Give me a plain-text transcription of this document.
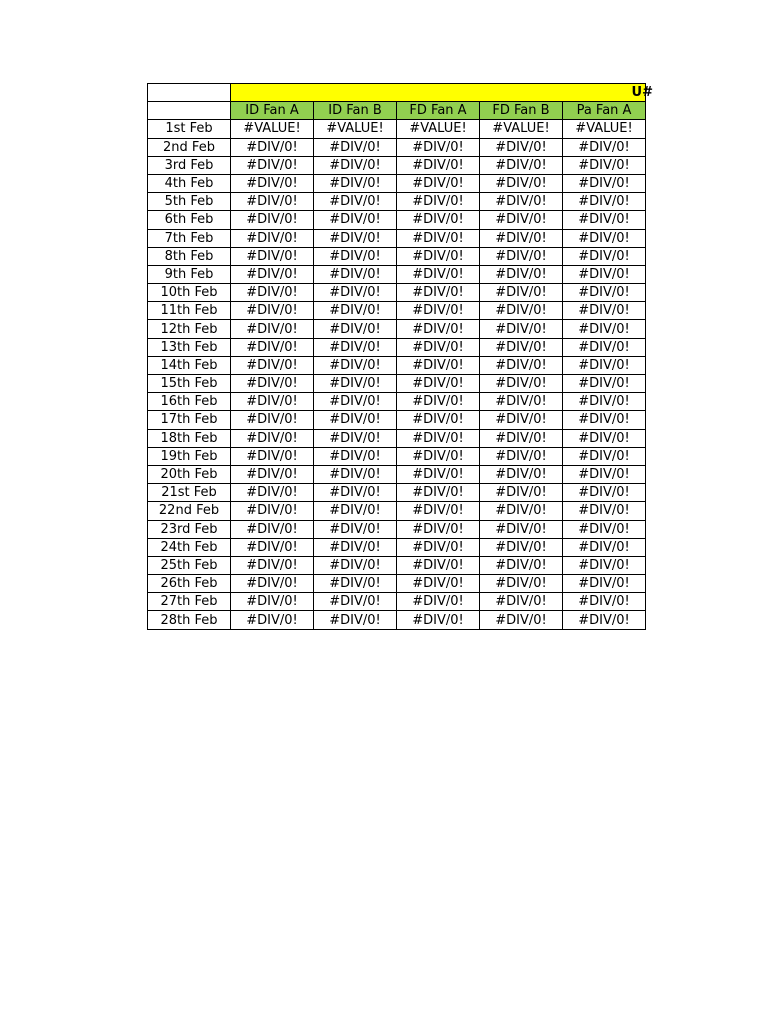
	U#				
	ID Fan A	ID Fan B	FD Fan A	FD Fan B	Pa Fan A
1st Feb	#VALUE!	#VALUE!	#VALUE!	#VALUE!	#VALUE!
2nd Feb	#DIV/0!	#DIV/0!	#DIV/0!	#DIV/0!	#DIV/0!
3rd Feb	#DIV/0!	#DIV/0!	#DIV/0!	#DIV/0!	#DIV/0!
4th Feb	#DIV/0!	#DIV/0!	#DIV/0!	#DIV/0!	#DIV/0!
5th Feb	#DIV/0!	#DIV/0!	#DIV/0!	#DIV/0!	#DIV/0!
6th Feb	#DIV/0!	#DIV/0!	#DIV/0!	#DIV/0!	#DIV/0!
7th Feb	#DIV/0!	#DIV/0!	#DIV/0!	#DIV/0!	#DIV/0!
8th Feb	#DIV/0!	#DIV/0!	#DIV/0!	#DIV/0!	#DIV/0!
9th Feb	#DIV/0!	#DIV/0!	#DIV/0!	#DIV/0!	#DIV/0!
10th Feb	#DIV/0!	#DIV/0!	#DIV/0!	#DIV/0!	#DIV/0!
11th Feb	#DIV/0!	#DIV/0!	#DIV/0!	#DIV/0!	#DIV/0!
12th Feb	#DIV/0!	#DIV/0!	#DIV/0!	#DIV/0!	#DIV/0!
13th Feb	#DIV/0!	#DIV/0!	#DIV/0!	#DIV/0!	#DIV/0!
14th Feb	#DIV/0!	#DIV/0!	#DIV/0!	#DIV/0!	#DIV/0!
15th Feb	#DIV/0!	#DIV/0!	#DIV/0!	#DIV/0!	#DIV/0!
16th Feb	#DIV/0!	#DIV/0!	#DIV/0!	#DIV/0!	#DIV/0!
17th Feb	#DIV/0!	#DIV/0!	#DIV/0!	#DIV/0!	#DIV/0!
18th Feb	#DIV/0!	#DIV/0!	#DIV/0!	#DIV/0!	#DIV/0!
19th Feb	#DIV/0!	#DIV/0!	#DIV/0!	#DIV/0!	#DIV/0!
20th Feb	#DIV/0!	#DIV/0!	#DIV/0!	#DIV/0!	#DIV/0!
21st Feb	#DIV/0!	#DIV/0!	#DIV/0!	#DIV/0!	#DIV/0!
22nd Feb	#DIV/0!	#DIV/0!	#DIV/0!	#DIV/0!	#DIV/0!
23rd Feb	#DIV/0!	#DIV/0!	#DIV/0!	#DIV/0!	#DIV/0!
24th Feb	#DIV/0!	#DIV/0!	#DIV/0!	#DIV/0!	#DIV/0!
25th Feb	#DIV/0!	#DIV/0!	#DIV/0!	#DIV/0!	#DIV/0!
26th Feb	#DIV/0!	#DIV/0!	#DIV/0!	#DIV/0!	#DIV/0!
27th Feb	#DIV/0!	#DIV/0!	#DIV/0!	#DIV/0!	#DIV/0!
28th Feb	#DIV/0!	#DIV/0!	#DIV/0!	#DIV/0!	#DIV/0!
